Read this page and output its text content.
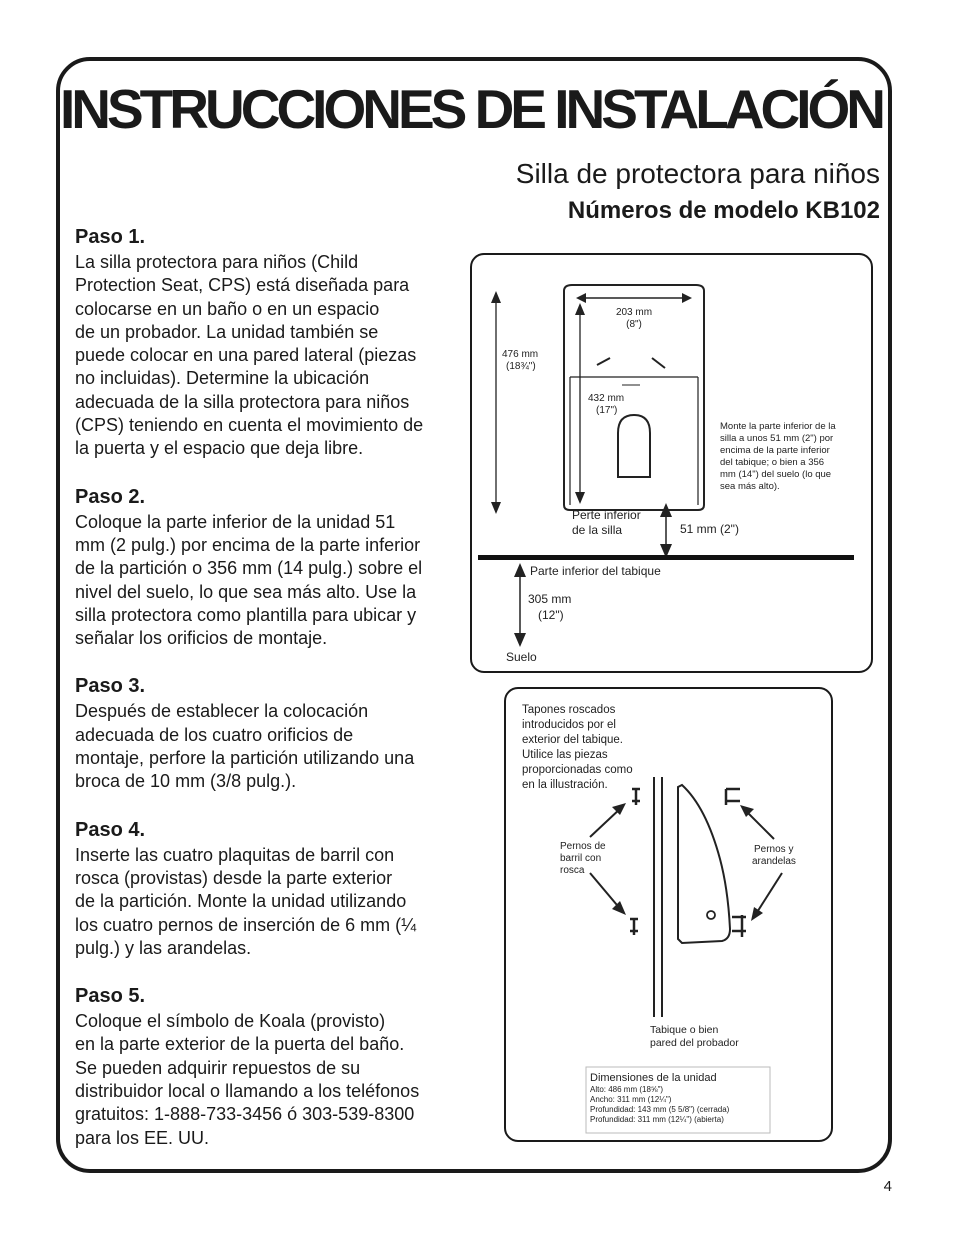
INSTRUCCIONES DE INSTALACIÓN
Silla de protectora para niños
Números de modelo KB102
Paso 1.

La silla protectora para niños (Child
Protection Seat, CPS) está diseñada para
colocarse en un baño o en un espacio
de un probador. La unidad también se
puede colocar en una pared lateral (piezas
no incluidas). Determine la ubicación
adecuada de la silla protectora para niños
(CPS) teniendo en cuenta el movimiento de
la puerta y el espacio que deja libre.

Paso 2.

Coloque la parte inferior de la unidad 51
mm (2 pulg.) por encima de la parte inferior
de la partición o 356 mm (14 pulg.) sobre el
nivel del suelo, lo que sea más alto. Use la
silla protectora como plantilla para ubicar y
señalar los orificios de montaje.

Paso 3.

Después de establecer la colocación
adecuada de los cuatro orificios de
montaje, perfore la partición utilizando una
broca de 10 mm (3/8 pulg.).

Paso 4.

Inserte las cuatro plaquitas de barril con
rosca (provistas) desde la parte exterior
de la partición. Monte la unidad utilizando
los cuatro pernos de inserción de 6 mm (¼
pulg.) y las arandelas.

Paso 5.

Coloque el símbolo de Koala (provisto)
en la parte exterior de la puerta del baño.
Se pueden adquirir repuestos de su
distribuidor local o llamando a los teléfonos
gratuitos: 1-888-733-3456 ó 303-539-8300
para los EE. UU.

203 mm
(8")
476 mm
(18¾")
432 mm
(17")
Monte la parte inferior de la silla a unos 51 mm (2") por encima de la parte inferior del tabique; o bien a 356 mm (14") del suelo (lo que sea más alto).
Perte inferior de la silla	51 mm (2")
Parte inferior del tabique
305 mm
(12")
Suelo
Tapones roscados introducidos por el exterior del tabique. Utilice las piezas proporcionadas como en la illustración.
Pernos de barril con rosca
Pernos y arandelas
Tabique o bien pared del probador
Dimensiones de la unidad
Alto: 486 mm (18⅝") Ancho: 311 mm (12¼") Profundidad: 143 mm (5 5/8") (cerrada) Profundidad: 311 mm (12¼") (abierta)
4
